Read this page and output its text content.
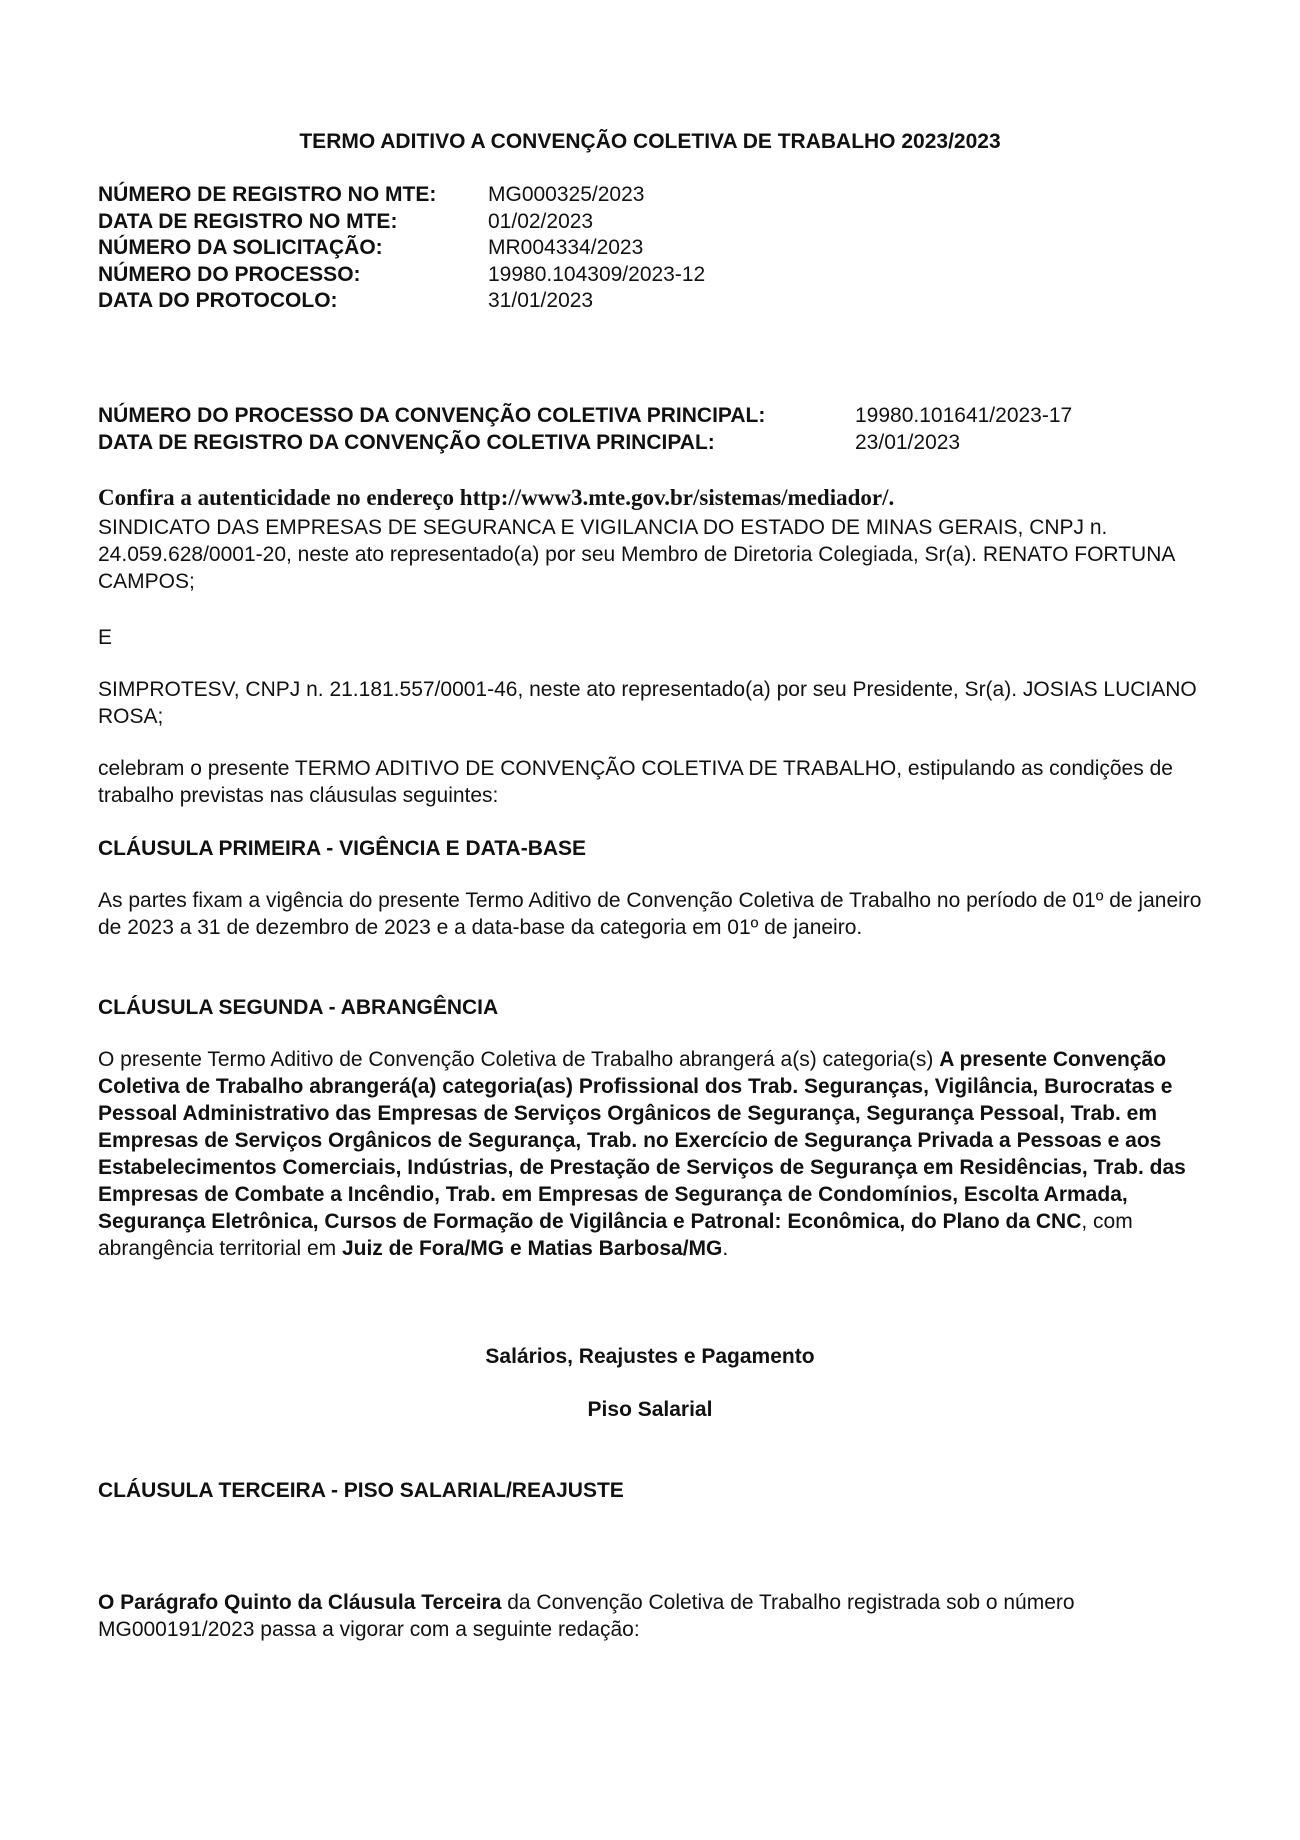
TERMO ADITIVO A CONVENÇÃO COLETIVA DE TRABALHO 2023/2023
NÚMERO DE REGISTRO NO MTE:	MG000325/2023
DATA DE REGISTRO NO MTE:	01/02/2023
NÚMERO DA SOLICITAÇÃO:	MR004334/2023
NÚMERO DO PROCESSO:	19980.104309/2023-12
DATA DO PROTOCOLO:	31/01/2023
NÚMERO DO PROCESSO DA CONVENÇÃO COLETIVA PRINCIPAL:	19980.101641/2023-17
DATA DE REGISTRO DA CONVENÇÃO COLETIVA PRINCIPAL:	23/01/2023
Confira a autenticidade no endereço http://www3.mte.gov.br/sistemas/mediador/.
SINDICATO DAS EMPRESAS DE SEGURANCA E VIGILANCIA DO ESTADO DE MINAS GERAIS, CNPJ n. 24.059.628/0001-20, neste ato representado(a) por seu Membro de Diretoria Colegiada, Sr(a). RENATO FORTUNA CAMPOS;
E
SIMPROTESV, CNPJ n. 21.181.557/0001-46, neste ato representado(a) por seu Presidente, Sr(a). JOSIAS LUCIANO ROSA;
celebram o presente TERMO ADITIVO DE CONVENÇÃO COLETIVA DE TRABALHO, estipulando as condições de trabalho previstas nas cláusulas seguintes:
CLÁUSULA PRIMEIRA - VIGÊNCIA E DATA-BASE
As partes fixam a vigência do presente Termo Aditivo de Convenção Coletiva de Trabalho no período de 01º de janeiro de 2023 a 31 de dezembro de 2023 e a data-base da categoria em 01º de janeiro.
CLÁUSULA SEGUNDA - ABRANGÊNCIA
O presente Termo Aditivo de Convenção Coletiva de Trabalho abrangerá a(s) categoria(s) A presente Convenção Coletiva de Trabalho abrangerá(a) categoria(as) Profissional dos Trab. Seguranças, Vigilância, Burocratas e Pessoal Administrativo das Empresas de Serviços Orgânicos de Segurança, Segurança Pessoal, Trab. em Empresas de Serviços Orgânicos de Segurança, Trab. no Exercício de Segurança Privada a Pessoas e aos Estabelecimentos Comerciais, Indústrias, de Prestação de Serviços de Segurança em Residências, Trab. das Empresas de Combate a Incêndio, Trab. em Empresas de Segurança de Condomínios, Escolta Armada, Segurança Eletrônica, Cursos de Formação de Vigilância e Patronal: Econômica, do Plano da CNC, com abrangência territorial em Juiz de Fora/MG e Matias Barbosa/MG.
Salários, Reajustes e Pagamento
Piso Salarial
CLÁUSULA TERCEIRA - PISO SALARIAL/REAJUSTE
O Parágrafo Quinto da Cláusula Terceira da Convenção Coletiva de Trabalho registrada sob o número MG000191/2023 passa a vigorar com a seguinte redação:
